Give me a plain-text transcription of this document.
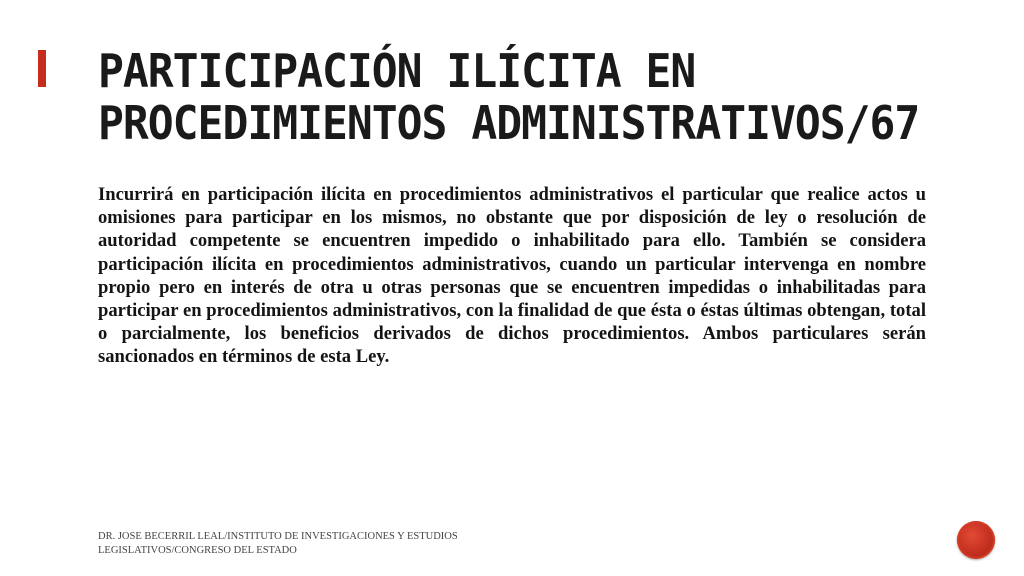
PARTICIPACIÓN ILÍCITA EN PROCEDIMIENTOS ADMINISTRATIVOS/67

Incurrirá en participación ilícita en procedimientos administrativos el particular que realice actos u omisiones para participar en los mismos, no obstante que por disposición de ley o resolución de autoridad competente se encuentren impedido o inhabilitado para ello. También se considera participación ilícita en procedimientos administrativos, cuando un particular intervenga en nombre propio pero en interés de otra u otras personas que se encuentren impedidas o inhabilitadas para participar en procedimientos administrativos, con la finalidad de que ésta o éstas últimas obtengan, total o parcialmente, los beneficios derivados de dichos procedimientos. Ambos particulares serán sancionados en términos de esta Ley.

DR. JOSE BECERRIL LEAL/INSTITUTO DE INVESTIGACIONES Y ESTUDIOS LEGISLATIVOS/CONGRESO DEL ESTADO
